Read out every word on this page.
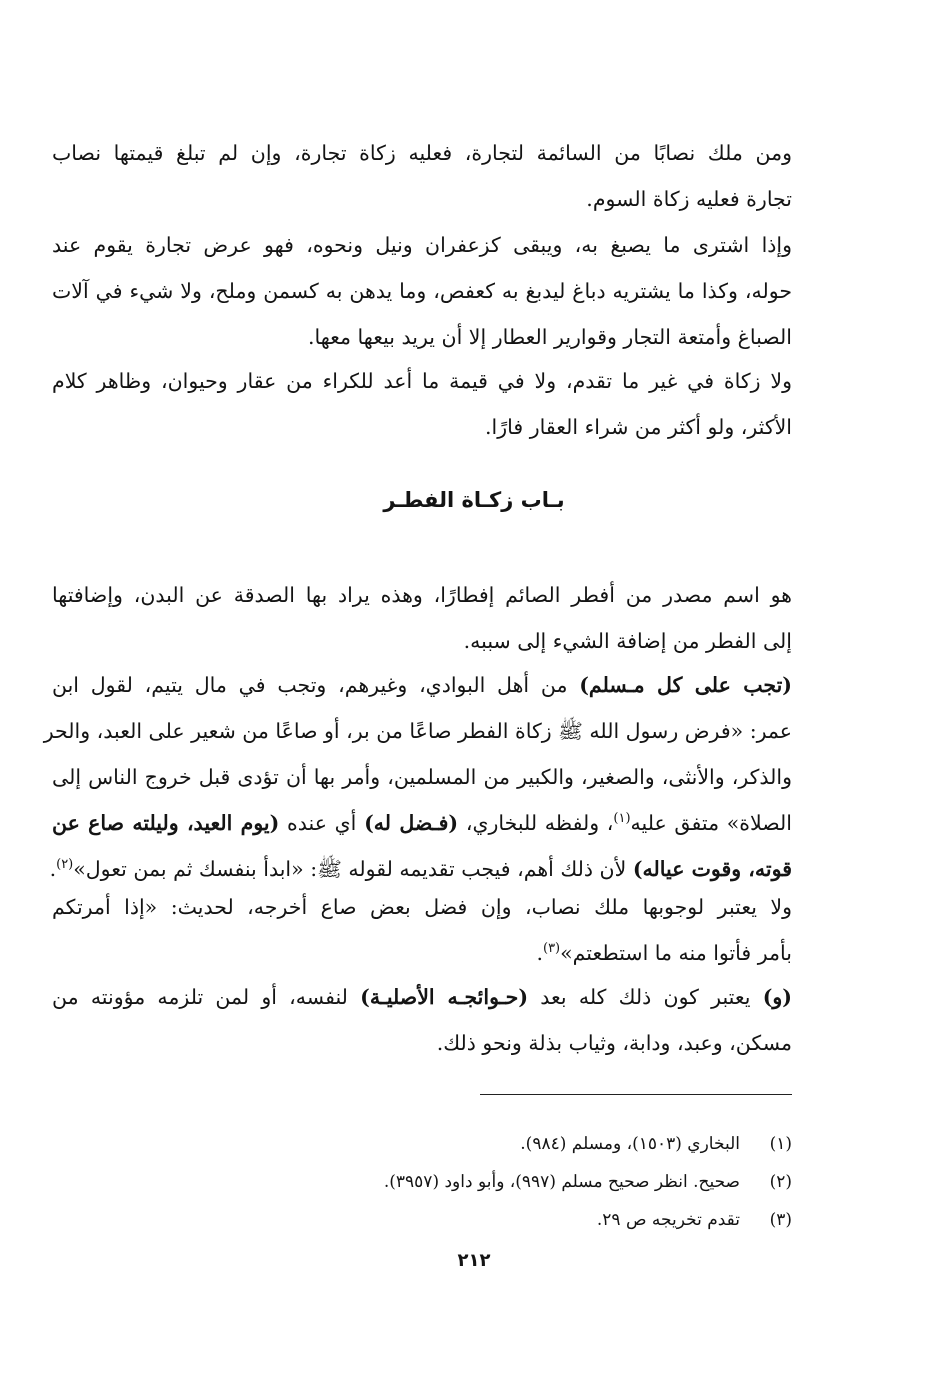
ومن ملك نصابًا من السائمة لتجارة، فعليه زكاة تجارة، وإن لم تبلغ قيمتها نصاب
تجارة فعليه زكاة السوم.
وإذا اشترى ما يصبغ به، ويبقى كزعفران ونيل ونحوه، فهو عرض تجارة يقوم عند
حوله، وكذا ما يشتريه دباغ ليدبغ به كعفص، وما يدهن به كسمن وملح، ولا شيء في آلات
الصباغ وأمتعة التجار وقوارير العطار إلا أن يريد بيعها معها.
ولا زكاة في غير ما تقدم، ولا في قيمة ما أعد للكراء من عقار وحيوان، وظاهر كلام
الأكثر، ولو أكثر من شراء العقار فارًا.
بـاب زكـاة الفطـر
هو اسم مصدر من أفطر الصائم إفطارًا، وهذه يراد بها الصدقة عن البدن، وإضافتها
إلى الفطر من إضافة الشيء إلى سببه.
(تجب على كل مـسلم) من أهل البوادي، وغيرهم، وتجب في مال يتيم، لقول ابن
عمر: «فرض رسول الله ﷺ زكاة الفطر صاعًا من بر، أو صاعًا من شعير على العبد، والحر
والذكر، والأنثى، والصغير، والكبير من المسلمين، وأمر بها أن تؤدى قبل خروج الناس إلى
الصلاة» متفق عليه$^{(١)}$، ولفظه للبخاري، (فـضل له) أي عنده (يوم العيد، وليلته صاع عن
قوته، وقوت عياله) لأن ذلك أهم، فيجب تقديمه لقوله ﷺ: «ابدأ بنفسك ثم بمن تعول»$^{(٢)}$.
ولا يعتبر لوجوبها ملك نصاب، وإن فضل بعض صاع أخرجه، لحديث: «إذا أمرتكم
بأمر فأتوا منه ما استطعتم»$^{(٣)}$.
(و) يعتبر كون ذلك كله بعد (حـوائجـه الأصليـة) لنفسه، أو لمن تلزمه مؤونته من
مسكن، وعبد، ودابة، وثياب بذلة ونحو ذلك.
(١)
البخاري (١٥٠٣)، ومسلم (٩٨٤).
(٢)
صحيح. انظر صحيح مسلم (٩٩٧)، وأبو داود (٣٩٥٧).
(٣)
تقدم تخريجه ص ٢٩.
٢١٢
